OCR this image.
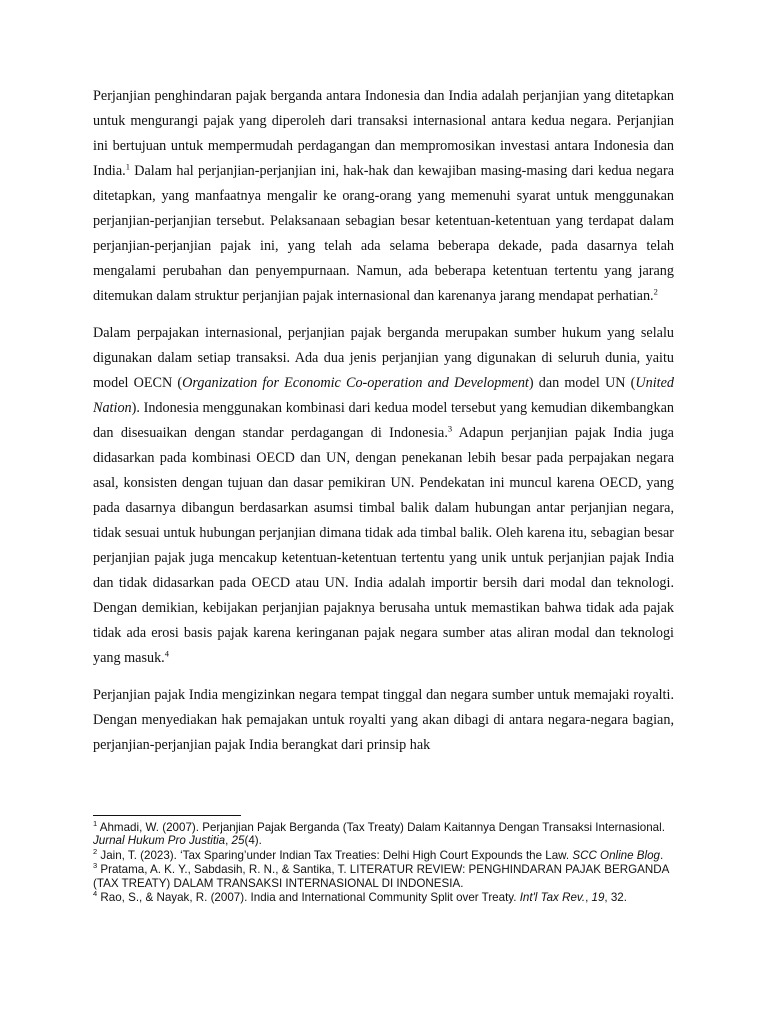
Perjanjian penghindaran pajak berganda antara Indonesia dan India adalah perjanjian yang ditetapkan untuk mengurangi pajak yang diperoleh dari transaksi internasional antara kedua negara. Perjanjian ini bertujuan untuk mempermudah perdagangan dan mempromosikan investasi antara Indonesia dan India.$^1$ Dalam hal perjanjian-perjanjian ini, hak-hak dan kewajiban masing-masing dari kedua negara ditetapkan, yang manfaatnya mengalir ke orang-orang yang memenuhi syarat untuk menggunakan perjanjian-perjanjian tersebut. Pelaksanaan sebagian besar ketentuan-ketentuan yang terdapat dalam perjanjian-perjanjian pajak ini, yang telah ada selama beberapa dekade, pada dasarnya telah mengalami perubahan dan penyempurnaan. Namun, ada beberapa ketentuan tertentu yang jarang ditemukan dalam struktur perjanjian pajak internasional dan karenanya jarang mendapat perhatian.$^2$

Dalam perpajakan internasional, perjanjian pajak berganda merupakan sumber hukum yang selalu digunakan dalam setiap transaksi. Ada dua jenis perjanjian yang digunakan di seluruh dunia, yaitu model OECN (Organization for Economic Co-operation and Development) dan model UN (United Nation). Indonesia menggunakan kombinasi dari kedua model tersebut yang kemudian dikembangkan dan disesuaikan dengan standar perdagangan di Indonesia.$^3$ Adapun perjanjian pajak India juga didasarkan pada kombinasi OECD dan UN, dengan penekanan lebih besar pada perpajakan negara asal, konsisten dengan tujuan dan dasar pemikiran UN. Pendekatan ini muncul karena OECD, yang pada dasarnya dibangun berdasarkan asumsi timbal balik dalam hubungan antar perjanjian negara, tidak sesuai untuk hubungan perjanjian dimana tidak ada timbal balik. Oleh karena itu, sebagian besar perjanjian pajak juga mencakup ketentuan-ketentuan tertentu yang unik untuk perjanjian pajak India dan tidak didasarkan pada OECD atau UN. India adalah importir bersih dari modal dan teknologi. Dengan demikian, kebijakan perjanjian pajaknya berusaha untuk memastikan bahwa tidak ada pajak tidak ada erosi basis pajak karena keringanan pajak negara sumber atas aliran modal dan teknologi yang masuk.$^4$

Perjanjian pajak India mengizinkan negara tempat tinggal dan negara sumber untuk memajaki royalti. Dengan menyediakan hak pemajakan untuk royalti yang akan dibagi di antara negara-negara bagian, perjanjian-perjanjian pajak India berangkat dari prinsip hak

$^1$ Ahmadi, W. (2007). Perjanjian Pajak Berganda (Tax Treaty) Dalam Kaitannya Dengan Transaksi Internasional. Jurnal Hukum Pro Justitia, 25(4).
$^2$ Jain, T. (2023). ‘Tax Sparing’under Indian Tax Treaties: Delhi High Court Expounds the Law. SCC Online Blog.
$^3$ Pratama, A. K. Y., Sabdasih, R. N., & Santika, T. LITERATUR REVIEW: PENGHINDARAN PAJAK BERGANDA (TAX TREATY) DALAM TRANSAKSI INTERNASIONAL DI INDONESIA.
$^4$ Rao, S., & Nayak, R. (2007). India and International Community Split over Treaty. Int'l Tax Rev., 19, 32.
